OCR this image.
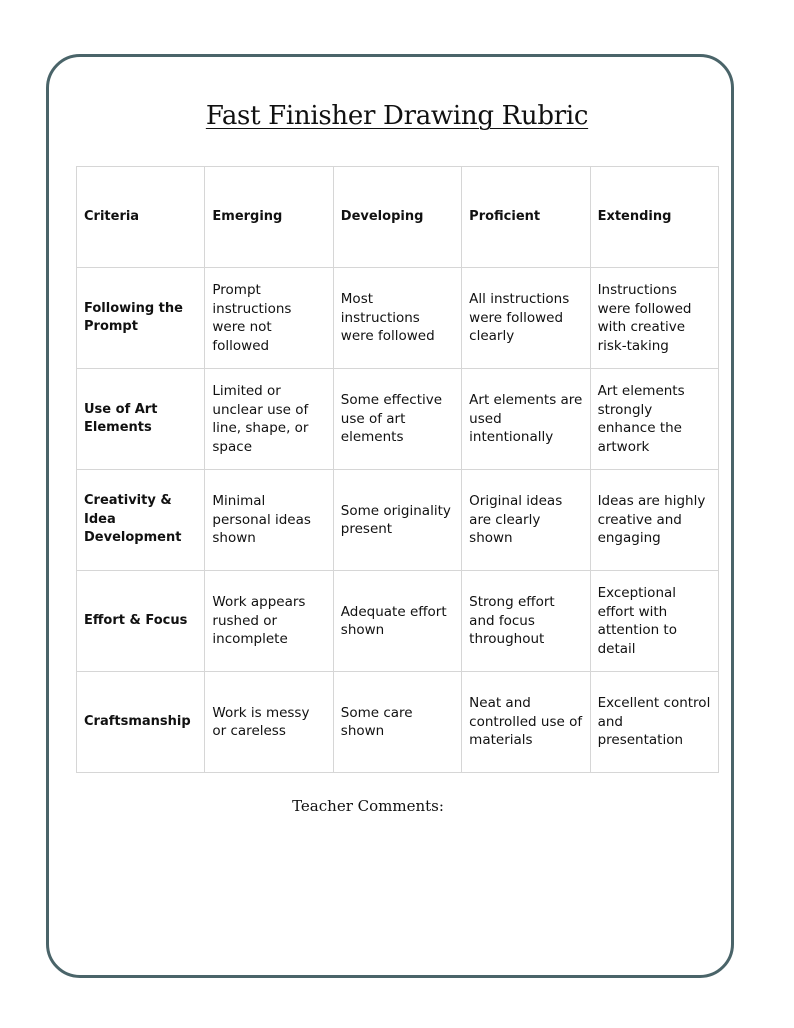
Fast Finisher Drawing Rubric
Criteria	Emerging	Developing	Proficient	Extending
Following the Prompt	Prompt instructions were not followed	Most instructions were followed	All instructions were followed clearly	Instructions were followed with creative risk-taking
Use of Art Elements	Limited or unclear use of line, shape, or space	Some effective use of art elements	Art elements are used intentionally	Art elements strongly enhance the artwork
Creativity & Idea Development	Minimal personal ideas shown	Some originality present	Original ideas are clearly shown	Ideas are highly creative and engaging
Effort & Focus	Work appears rushed or incomplete	Adequate effort shown	Strong effort and focus throughout	Exceptional effort with attention to detail
Craftsmanship	Work is messy or careless	Some care shown	Neat and controlled use of materials	Excellent control and presentation
Teacher Comments:
